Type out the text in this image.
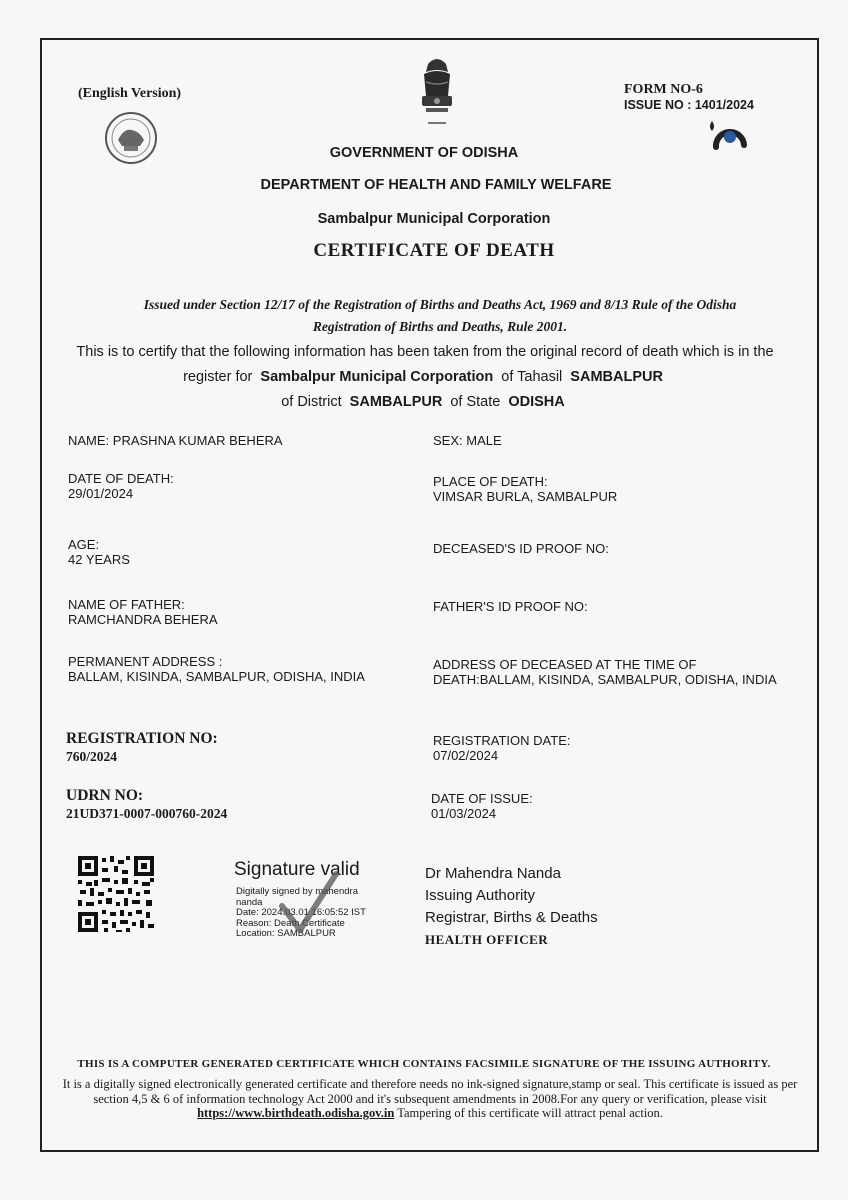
(English Version)	FORM NO-6
ISSUE NO : 1401/2024
GOVERNMENT OF ODISHA
DEPARTMENT OF HEALTH AND FAMILY WELFARE
Sambalpur Municipal Corporation
CERTIFICATE OF DEATH
Issued under Section 12/17 of the Registration of Births and Deaths Act, 1969 and 8/13 Rule of the Odisha
Registration of Births and Deaths, Rule 2001.
This is to certify that the following information has been taken from the original record of death which is in the
register for Sambalpur Municipal Corporation of Tahasil SAMBALPUR
of District SAMBALPUR of State ODISHA
NAME: PRASHNA KUMAR BEHERA	SEX: MALE
DATE OF DEATH:
29/01/2024
PLACE OF DEATH:
VIMSAR BURLA, SAMBALPUR
AGE:
42 YEARS
DECEASED'S ID PROOF NO:
NAME OF FATHER:
RAMCHANDRA BEHERA
FATHER'S ID PROOF NO:
PERMANENT ADDRESS :
BALLAM, KISINDA, SAMBALPUR, ODISHA, INDIA
ADDRESS OF DECEASED AT THE TIME OF
DEATH:BALLAM, KISINDA, SAMBALPUR, ODISHA, INDIA
REGISTRATION NO:
760/2024
REGISTRATION DATE:
07/02/2024
UDRN NO:
21UD371-0007-000760-2024
DATE OF ISSUE:
01/03/2024
Signature valid
Digitally signed by mahendra
nanda
Date: 2024.03.01 16:05:52 IST
Reason: Death Certificate
Location: SAMBALPUR
Dr Mahendra Nanda
Issuing Authority
Registrar, Births & Deaths
HEALTH OFFICER
THIS IS A COMPUTER GENERATED CERTIFICATE WHICH CONTAINS FACSIMILE SIGNATURE OF THE ISSUING AUTHORITY.
It is a digitally signed electronically generated certificate and therefore needs no ink-signed signature,stamp or seal. This certificate is issued as per section 4,5 & 6 of information technology Act 2000 and it's subsequent amendments in 2008.For any query or verification, please visit https://www.birthdeath.odisha.gov.in Tampering of this certificate will attract penal action.
